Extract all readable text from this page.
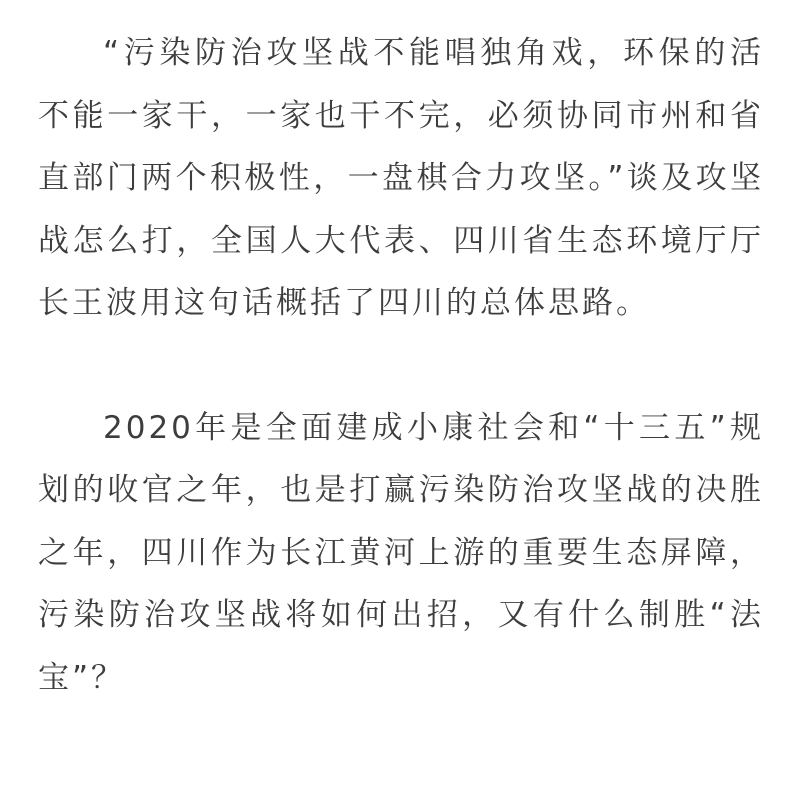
“污染防治攻坚战不能唱独角戏，环保的活不能一家干，一家也干不完，必须协同市州和省直部门两个积极性，一盘棋合力攻坚。”谈及攻坚战怎么打，全国人大代表、四川省生态环境厅厅长王波用这句话概括了四川的总体思路。

2020年是全面建成小康社会和“十三五”规划的收官之年，也是打赢污染防治攻坚战的决胜之年，四川作为长江黄河上游的重要生态屏障，污染防治攻坚战将如何出招，又有什么制胜“法宝”？
